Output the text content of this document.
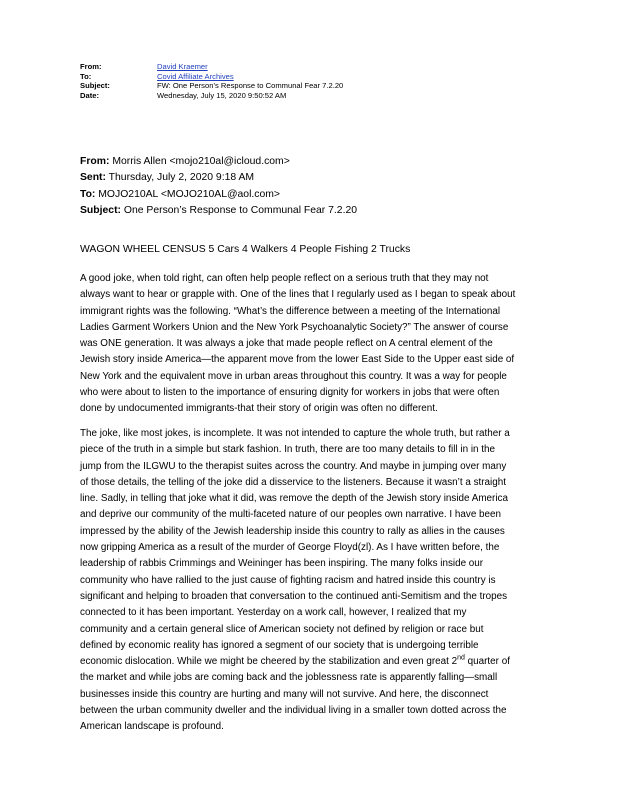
From:	David Kraemer
To:	Covid Affiliate Archives
Subject:	FW: One Person’s Response to Communal Fear 7.2.20
Date:	Wednesday, July 15, 2020 9:50:52 AM
From: Morris Allen <mojo210al@icloud.com>
Sent: Thursday, July 2, 2020 9:18 AM
To: MOJO210AL <MOJO210AL@aol.com>
Subject: One Person’s Response to Communal Fear 7.2.20
WAGON WHEEL CENSUS 5 Cars 4 Walkers 4 People Fishing 2 Trucks
A good joke, when told right, can often help people reflect on a serious truth that they may not
always want to hear or grapple with. One of the lines that I regularly used as I began to speak about
immigrant rights was the following. “What’s the difference between a meeting of the International
Ladies Garment Workers Union and the New York Psychoanalytic Society?” The answer of course
was ONE generation. It was always a joke that made people reflect on A central element of the
Jewish story inside America—the apparent move from the lower East Side to the Upper east side of
New York and the equivalent move in urban areas throughout this country. It was a way for people
who were about to listen to the importance of ensuring dignity for workers in jobs that were often
done by undocumented immigrants-that their story of origin was often no different.
The joke, like most jokes, is incomplete. It was not intended to capture the whole truth, but rather a
piece of the truth in a simple but stark fashion. In truth, there are too many details to fill in in the
jump from the ILGWU to the therapist suites across the country. And maybe in jumping over many
of those details, the telling of the joke did a disservice to the listeners. Because it wasn’t a straight
line. Sadly, in telling that joke what it did, was remove the depth of the Jewish story inside America
and deprive our community of the multi-faceted nature of our peoples own narrative. I have been
impressed by the ability of the Jewish leadership inside this country to rally as allies in the causes
now gripping America as a result of the murder of George Floyd(zl). As I have written before, the
leadership of rabbis Crimmings and Weininger has been inspiring. The many folks inside our
community who have rallied to the just cause of fighting racism and hatred inside this country is
significant and helping to broaden that conversation to the continued anti-Semitism and the tropes
connected to it has been important. Yesterday on a work call, however, I realized that my
community and a certain general slice of American society not defined by religion or race but
defined by economic reality has ignored a segment of our society that is undergoing terrible
economic dislocation. While we might be cheered by the stabilization and even great 2nd quarter of
the market and while jobs are coming back and the joblessness rate is apparently falling—small
businesses inside this country are hurting and many will not survive. And here, the disconnect
between the urban community dweller and the individual living in a smaller town dotted across the
American landscape is profound.
